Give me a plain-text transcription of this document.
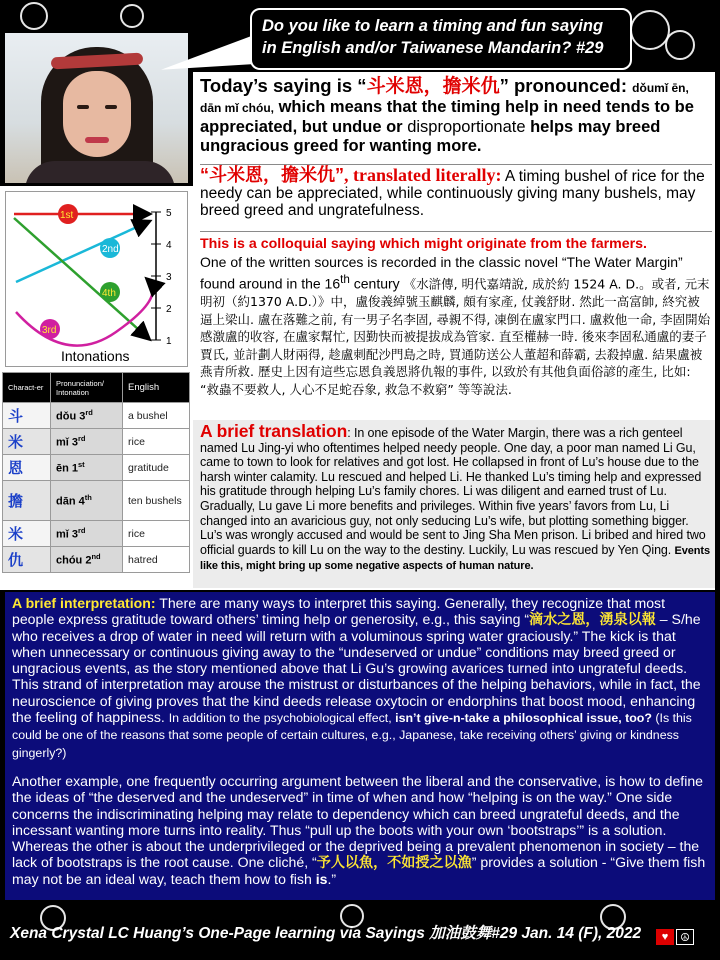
Do you like to learn a timing and fun saying
in English and/or Taiwanese Mandarin? #29
Today’s saying is “斗米恩，擔米仇” pronounced: dǒumǐ ēn, dān mǐ chóu, which means that the timing help in need tends to be appreciated, but undue or disproportionate helps may breed ungracious greed for wanting more.
“斗米恩，擔米仇”, translated literally: A timing bushel of rice for the needy can be appreciated, while continuously giving many bushels, may breed greed and ungratefulness.
This is a colloquial saying which might originate from the farmers.
One of the written sources is recorded in the classic novel “The Water Margin” found around in the 16th century 《水滸傳, 明代嘉靖說, 成於約 1524 A. D.。或者, 元末明初（約1370 A.D.）》中，盧俊義綽號玉麒麟, 頗有家產, 仗義舒財. 然此一高富帥, 終究被逼上梁山. 盧在落難之前, 有一男子名李固, 尋親不得, 凍倒在盧家門口. 盧救他一命, 李固開始感激盧的收容, 在盧家幫忙, 因勤快而被提拔成為管家. 直至權赫一時. 後來李固私通盧的妻子賈氏, 並計劃人財兩得, 趁盧刺配沙門島之時, 買通防送公人董超和薛霸, 去殺掉盧. 結果盧被燕青所救. 歷史上因有這些忘恩負義恩將仇報的事件, 以致於有其他負面俗諺的產生, 比如: “救蟲不要救人, 人心不足蛇吞象, 救急不救窮” 等等說法.
A brief translation: In one episode of the Water Margin, there was a rich genteel named Lu Jing-yi who oftentimes helped needy people. One day, a poor man named Li Gu, came to town to look for relatives and got lost. He collapsed in front of Lu’s house due to the harsh winter calamity. Lu rescued and helped Li. He thanked Lu’s timing help and expressed his gratitude through helping Lu’s family chores. Li was diligent and earned trust of Lu. Gradually, Lu gave Li more benefits and privileges. Within five years’ favors from Lu, Li changed into an avaricious guy, not only seducing Lu’s wife, but plotting something bigger. Lu’s was wrongly accused and would be sent to Jing Sha Men prison. Li bribed and hired two official guards to kill Lu on the way to the destiny. Luckily, Lu was rescued by Yen Qing. Events like this, might bring up some negative aspects of human nature.
5
4
3
2
1
1st
2nd
4th
3rd
Intonations
Charact-er	Pronunciation/ Intonation	English
斗	dǒu 3rd	a bushel
米	mǐ 3rd	rice
恩	ēn 1st	gratitude
擔	dān 4th	ten bushels
米	mǐ 3rd	rice
仇	chóu 2nd	hatred

A brief interpretation: There are many ways to interpret this saying. Generally, they recognize that most people express gratitude toward others’ timing help or generosity, e.g., this saying “滴水之恩，湧泉以報 – S/he who receives a drop of water in need will return with a voluminous spring water graciously.” The kick is that when unnecessary or continuous giving away to the “undeserved or undue” conditions may breed greed or ungracious events, as the story mentioned above that Li Gu’s growing avarices turned into ungrateful deeds. This strand of interpretation may arouse the mistrust or disturbances of the helping behaviors, while in fact, the neuroscience of giving proves that the kind deeds release oxytocin or endorphins that boost mood, enhancing the feeling of happiness. In addition to the psychobiological effect, isn’t give-n-take a philosophical issue, too? (Is this could be one of the reasons that some people of certain cultures, e.g., Japanese, take receiving others’ giving or kindness gingerly?)

Another example, one frequently occurring argument between the liberal and the conservative, is how to define the ideas of “the deserved and the undeserved” in time of when and how “helping is on the way.” One side concerns the indiscriminating helping may relate to dependency which can breed ungrateful deeds, and the incessant wanting more turns into reality. Thus “pull up the boots with your own ‘bootstraps’” is a solution. Whereas the other is about the underprivileged or the deprived being a prevalent phenomenon in society – the lack of bootstraps is the root cause. One cliché, “予人以魚，不如授之以漁” provides a solution - “Give them fish may not be an ideal way, teach them how to fish is.”

Xena Crystal LC Huang’s One-Page learning via Sayings 加油鼓舞#29 Jan. 14 (F), 2022	♥	☮
